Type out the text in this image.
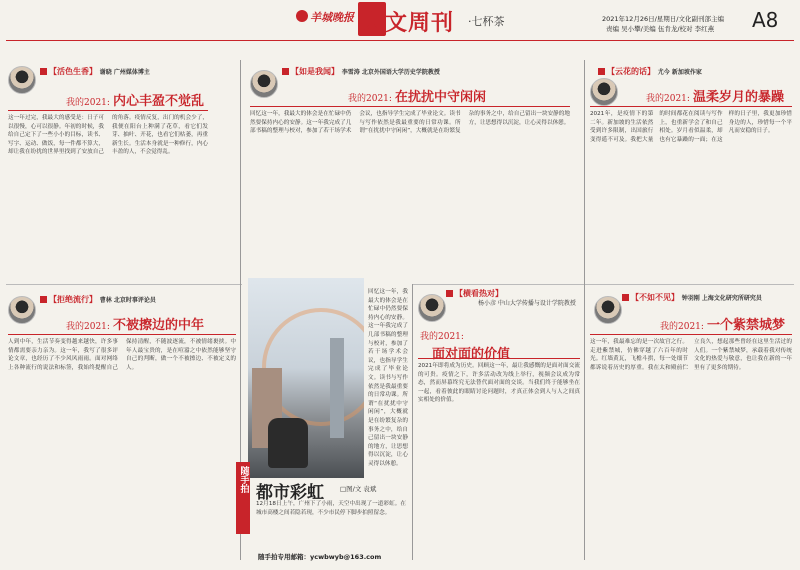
羊城晚报 人文周刊 ·七杯茶	2021年12月26日/星期日/文化副刊部主编
责编 吴小攀/美编 伍肯龙/校对 李红燕 A8
【活色生香】 谢晓 广州媒体博主
我的2021: 内心丰盈不觉乱
这一年过完，我最大的感受是：日子可以很慢，心可以很静。年初的时候，我给自己定下了一些小小的目标，读书、写字、运动、做饭，每一件都不算大，却让我在纷扰的世界里找到了安放自己的角落。疫情反复，出门的机会少了，我便在阳台上种满了花草，看它们发芽、抽叶、开花，也看它们枯萎，再重新生长。生活本身就是一种修行，内心丰盈的人，不会觉得乱。
【如是我闻】 李雪涛 北京外国语大学历史学院教授
我的2021: 在扰扰中守闲闲
回忆这一年，我最大的体会是在忙碌中仍然要保持内心的安静。这一年我完成了几部书稿的整理与校对，参加了若干场学术会议，也指导学生完成了毕业论文。读书与写作依然是我最重要的日常功课。所谓“在扰扰中守闲闲”，大概就是在纷繁复杂的事务之中，给自己留出一块安静的地方，让思想得以沉淀，让心灵得以休憩。
【云花的话】 尤今 新加坡作家
我的2021: 温柔岁月的暴躁
2021年，是疫情下的第二年。新加坡的生活依然受到许多限制，出国旅行变得遥不可及。我把大量的时间都花在阅读与写作上，也重新学会了和自己相处。岁月看似温柔，却也有它暴躁的一面；在这样的日子里，我更加珍惜身边的人，珍惜每一个平凡而安稳的日子。
【拒绝流行】 曹林 北京时事评论员
我的2021: 不被擦边的中年
人到中年，生活节奏变得越来越快，许多事情都需要亲力亲为。这一年，我写了很多评论文章，也经历了不少风风雨雨。面对网络上各种流行的说法和标签，我始终提醒自己保持清醒，不随波逐流，不被情绪裹挟。中年人最宝贵的，是在喧嚣之中依然能够坚守自己的判断，做一个不被擦边、不被定义的人。
随手拍 都市彩虹 □图/文 袁斌
12月18日上午，广州下了小雨，天空中出现了一道彩虹。在城市高楼之间若隐若现，不少市民停下脚步拍照留念。
随手拍专用邮箱：ycwbwyb@163.com
回忆这一年，我最大的体会是在忙碌中仍然要保持内心的安静。这一年我完成了几部书稿的整理与校对，参加了若干场学术会议，也指导学生完成了毕业论文。读书与写作依然是我最重要的日常功课。所谓“在扰扰中守闲闲”，大概就是在纷繁复杂的事务之中，给自己留出一块安静的地方，让思想得以沉淀，让心灵得以休憩。
【横看热对】
杨小彦 中山大学传播与设计学院教授
我的2021:
面对面的价值
2021年即将成为历史。回顾这一年，最让我感慨的是面对面交流的可贵。疫情之下，许多活动改为线上举行，视频会议成为常态，然而屏幕终究无法替代面对面的交谈。当我们终于能够坐在一起，看着彼此的眼睛讨论问题时，才真正体会到人与人之间真实相处的价值。
【不如不见】 钟羽刚 上海文化研究所研究员
我的2021: 一个紫禁城梦
这一年，我最难忘的是一次故宫之行。走进紫禁城，仿佛穿越了六百年的时光。红墙黄瓦，飞檐斗拱，每一处细节都诉说着历史的厚重。我在太和殿前伫立良久，想起那些曾经在这里生活过的人们。一个紫禁城梦，承载着我对传统文化的热爱与敬意，也让我在新的一年里有了更多的期待。
